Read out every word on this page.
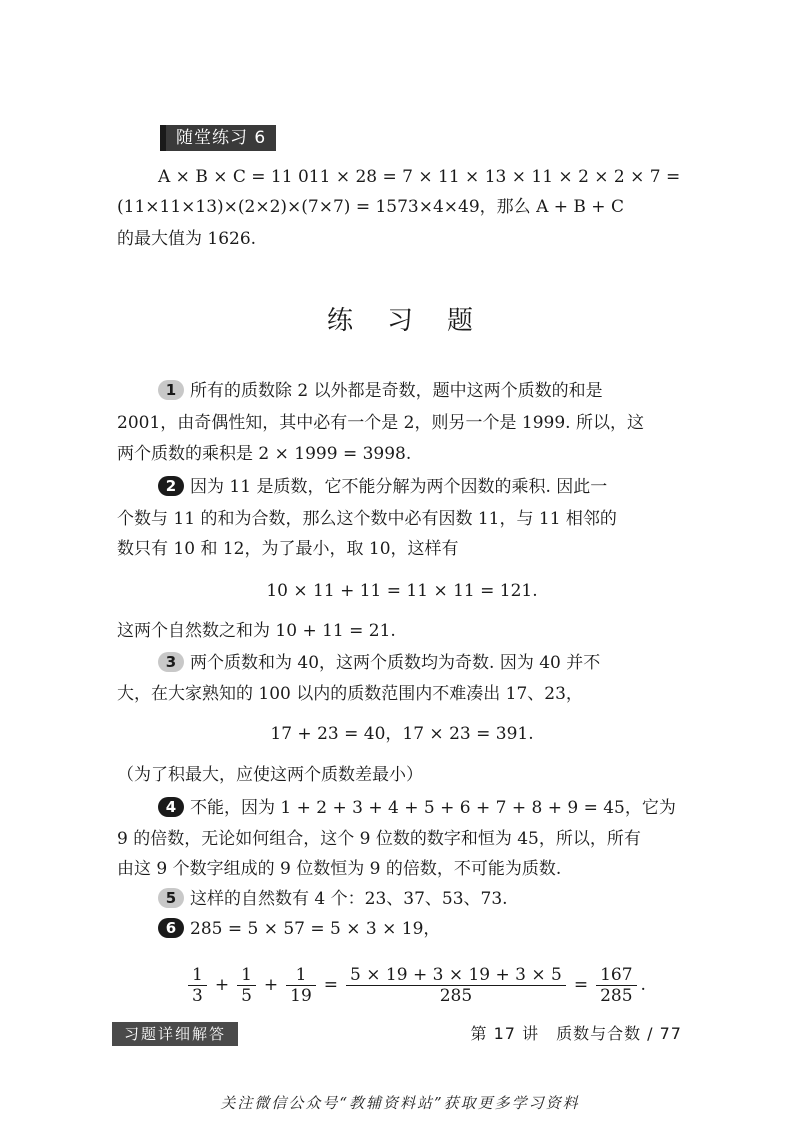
随堂练习 6
A × B × C = 11 011 × 28 = 7 × 11 × 13 × 11 × 2 × 2 × 7 =
(11×11×13)×(2×2)×(7×7) = 1573×4×49，那么 A + B + C
的最大值为 1626.
练习题
1 所有的质数除 2 以外都是奇数，题中这两个质数的和是
2001，由奇偶性知，其中必有一个是 2，则另一个是 1999. 所以，这
两个质数的乘积是 2 × 1999 = 3998.
2 因为 11 是质数，它不能分解为两个因数的乘积. 因此一
个数与 11 的和为合数，那么这个数中必有因数 11，与 11 相邻的
数只有 10 和 12，为了最小，取 10，这样有
10 × 11 + 11 = 11 × 11 = 121.
这两个自然数之和为 10 + 11 = 21.
3 两个质数和为 40，这两个质数均为奇数. 因为 40 并不
大，在大家熟知的 100 以内的质数范围内不难凑出 17、23，
17 + 23 = 40，17 × 23 = 391.
（为了积最大，应使这两个质数差最小）
4 不能，因为 1 + 2 + 3 + 4 + 5 + 6 + 7 + 8 + 9 = 45，它为
9 的倍数，无论如何组合，这个 9 位数的数字和恒为 45，所以，所有
由这 9 个数字组成的 9 位数恒为 9 的倍数，不可能为质数.
5 这样的自然数有 4 个：23、37、53、73.
6 285 = 5 × 57 = 5 × 3 × 19，
$\frac{1}{3} + \frac{1}{5} + \frac{1}{19} = \frac{5 \times 19 + 3 \times 19 + 3 \times 5}{285} = \frac{167}{285}$ .
习题详细解答	第 17 讲　质数与合数 / 77
关注微信公众号“教辅资料站”获取更多学习资料
